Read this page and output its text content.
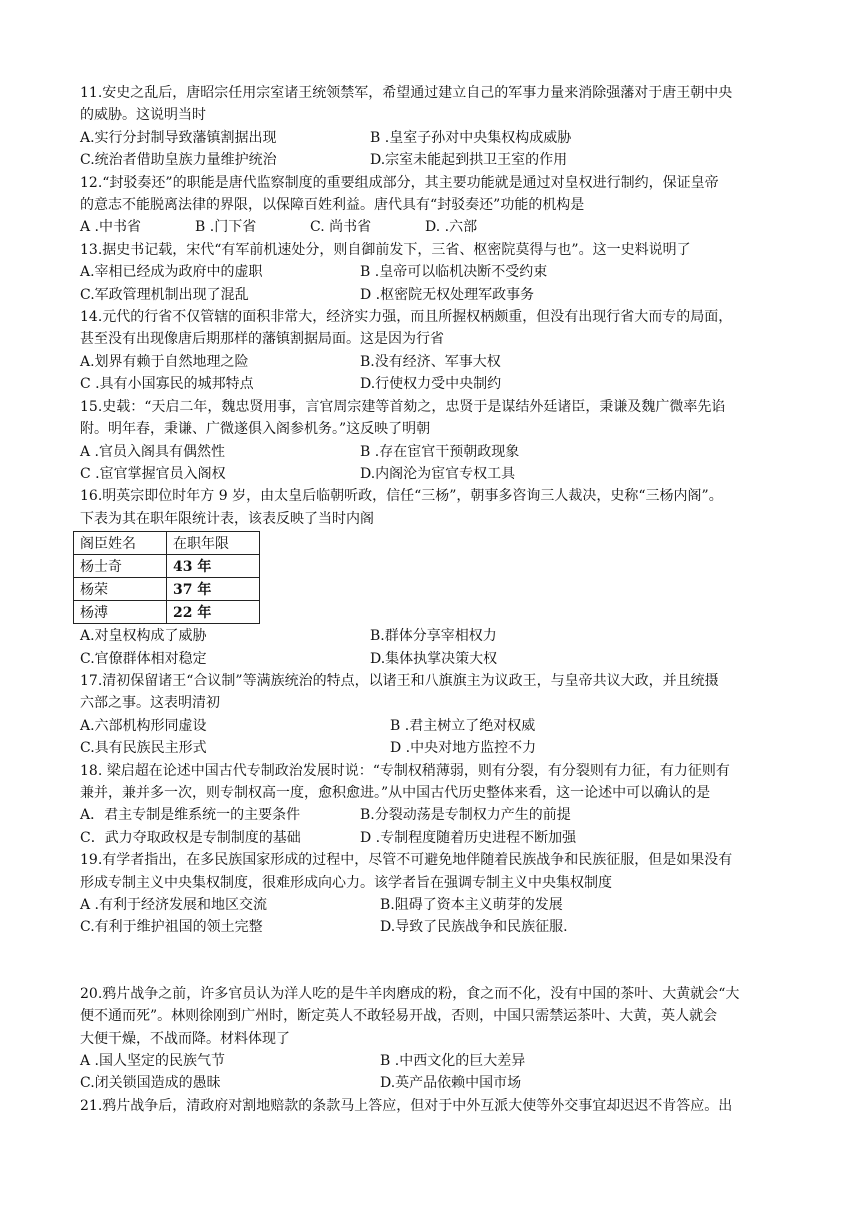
11.安史之乱后，唐昭宗任用宗室诸王统领禁军，希望通过建立自己的军事力量来消除强藩对于唐王朝中央

的威胁。这说明当时

A.实行分封制导致藩镇割据出现	B .皇室子孙对中央集权构成威胁
C.统治者借助皇族力量维护统治	D.宗室未能起到拱卫王室的作用

12.“封驳奏还”的职能是唐代监察制度的重要组成部分，其主要功能就是通过对皇权进行制约，保证皇帝

的意志不能脱离法律的界限，以保障百姓利益。唐代具有“封驳奏还”功能的机构是

A .中书省	B .门下省	C. 尚书省	D. .六部

13.据史书记载，宋代“有军前机速处分，则自御前发下，三省、枢密院莫得与也”。这一史料说明了

A.宰相已经成为政府中的虚职	B .皇帝可以临机决断不受约束
C.军政管理机制出现了混乱	D .枢密院无权处理军政事务

14.元代的行省不仅管辖的面积非常大，经济实力强，而且所握权柄颇重，但没有出现行省大而专的局面，

甚至没有出现像唐后期那样的藩镇割据局面。这是因为行省

A.划界有赖于自然地理之险	B.没有经济、军事大权
C .具有小国寡民的城邦特点	D.行使权力受中央制约

15.史载：“天启二年，魏忠贤用事，言官周宗建等首劾之，忠贤于是谋结外廷诸臣，秉谦及魏广微率先谄

附。明年春，秉谦、广微遂俱入阁参机务。”这反映了明朝

A .官员入阁具有偶然性	B .存在宦官干预朝政现象
C .宦官掌握官员入阁权	D.内阁沦为宦官专权工具

16.明英宗即位时年方 9 岁，由太皇后临朝听政，信任“三杨”，朝事多咨询三人裁决，史称“三杨内阁”。

下表为其在职年限统计表，该表反映了当时内阁

阁臣姓名	在职年限
杨士奇	43 年
杨荣	37 年
杨溥	22 年
A.对皇权构成了威胁	B.群体分享宰相权力
C.官僚群体相对稳定	D.集体执掌决策大权

17.清初保留诸王“合议制”等满族统治的特点，以诸王和八旗旗主为议政王，与皇帝共议大政，并且统摄

六部之事。这表明清初

A.六部机构形同虚设	B .君主树立了绝对权威
C.具有民族民主形式	D .中央对地方监控不力

18. 梁启超在论述中国古代专制政治发展时说：“专制权稍薄弱，则有分裂，有分裂则有力征，有力征则有

兼并，兼并多一次，则专制权高一度，愈积愈进。”从中国古代历史整体来看，这一论述中可以确认的是

A．君主专制是维系统一的主要条件	B.分裂动荡是专制权力产生的前提
C．武力夺取政权是专制制度的基础	D .专制程度随着历史进程不断加强

19.有学者指出，在多民族国家形成的过程中，尽管不可避免地伴随着民族战争和民族征服，但是如果没有

形成专制主义中央集权制度，很难形成向心力。该学者旨在强调专制主义中央集权制度

A .有利于经济发展和地区交流	B.阻碍了资本主义萌芽的发展
C.有利于维护祖国的领土完整	D.导致了民族战争和民族征服.

20.鸦片战争之前，许多官员认为洋人吃的是牛羊肉磨成的粉，食之而不化，没有中国的茶叶、大黄就会“大

便不通而死”。林则徐刚到广州时，断定英人不敢轻易开战，否则，中国只需禁运茶叶、大黄，英人就会

大便干燥，不战而降。材料体现了

A .国人坚定的民族气节	B .中西文化的巨大差异
C.闭关锁国造成的愚昧	D.英产品依赖中国市场

21.鸦片战争后，清政府对割地赔款的条款马上答应，但对于中外互派大使等外交事宜却迟迟不肯答应。出
